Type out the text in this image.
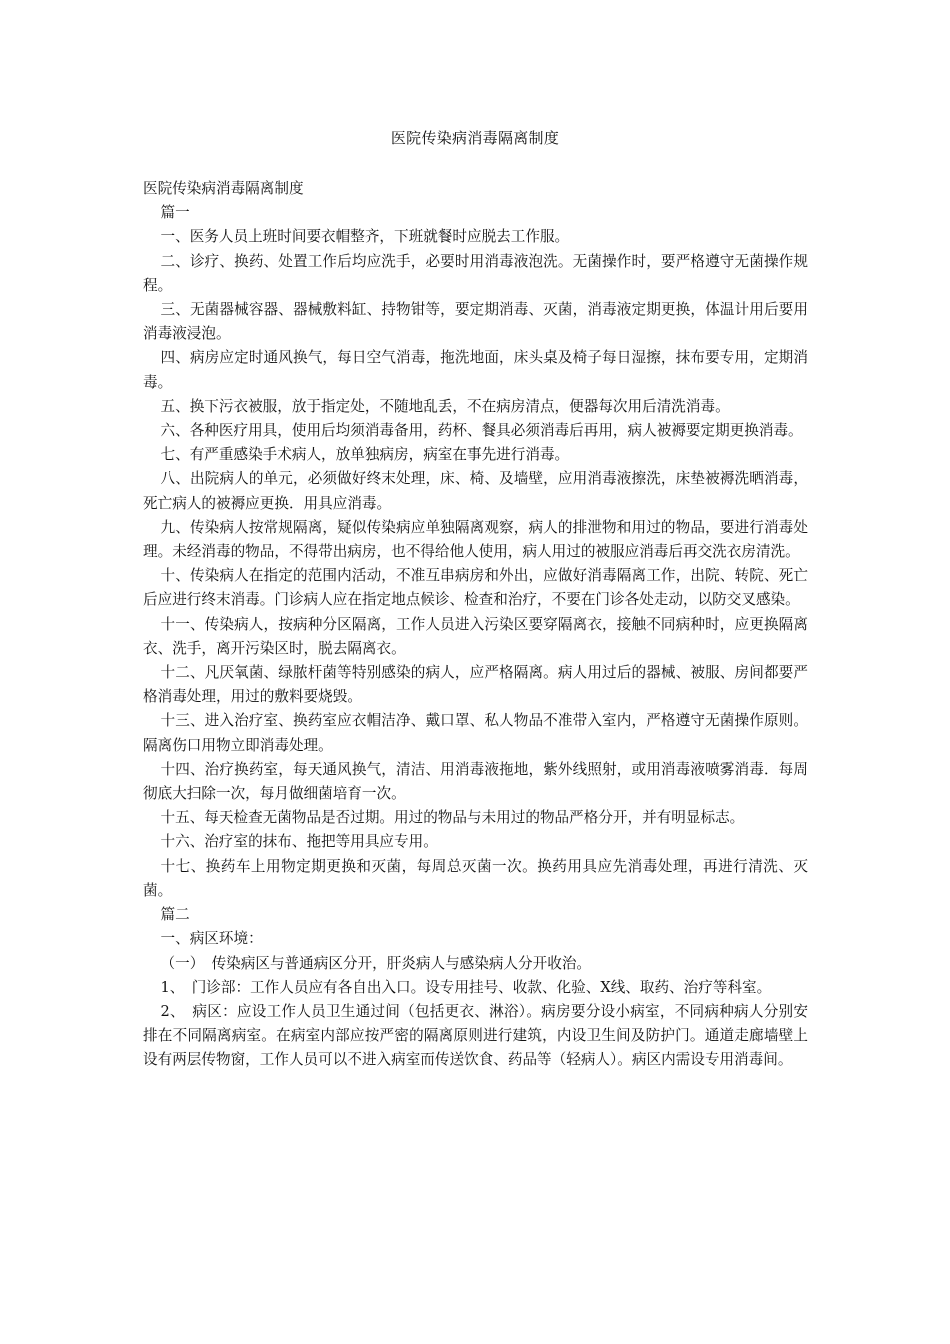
医院传染病消毒隔离制度

医院传染病消毒隔离制度

篇一

一、医务人员上班时间要衣帽整齐，下班就餐时应脱去工作服。

二、诊疗、换药、处置工作后均应洗手，必要时用消毒液泡洗。无菌操作时，要严格遵守无菌操作规程。

三、无菌器械容器、器械敷料缸、持物钳等，要定期消毒、灭菌，消毒液定期更换，体温计用后要用消毒液浸泡。

四、病房应定时通风换气，每日空气消毒，拖洗地面，床头桌及椅子每日湿擦，抹布要专用，定期消毒。

五、换下污衣被服，放于指定处，不随地乱丢，不在病房清点，便器每次用后清洗消毒。

六、各种医疗用具，使用后均须消毒备用，药杯、餐具必须消毒后再用，病人被褥要定期更换消毒。

七、有严重感染手术病人，放单独病房，病室在事先进行消毒。

八、出院病人的单元，必须做好终末处理，床、椅、及墙壁，应用消毒液擦洗，床垫被褥洗晒消毒，死亡病人的被褥应更换．用具应消毒。

九、传染病人按常规隔离，疑似传染病应单独隔离观察，病人的排泄物和用过的物品，要进行消毒处理。未经消毒的物品，不得带出病房，也不得给他人使用，病人用过的被服应消毒后再交洗衣房清洗。

十、传染病人在指定的范围内活动，不准互串病房和外出，应做好消毒隔离工作，出院、转院、死亡后应进行终末消毒。门诊病人应在指定地点候诊、检查和治疗，不要在门诊各处走动，以防交叉感染。

十一、传染病人，按病种分区隔离，工作人员进入污染区要穿隔离衣，接触不同病种时，应更换隔离衣、洗手，离开污染区时，脱去隔离衣。

十二、凡厌氧菌、绿脓杆菌等特别感染的病人，应严格隔离。病人用过后的器械、被服、房间都要严格消毒处理，用过的敷料要烧毁。

十三、进入治疗室、换药室应衣帽洁净、戴口罩、私人物品不准带入室内，严格遵守无菌操作原则。隔离伤口用物立即消毒处理。

十四、治疗换药室，每天通风换气，清洁、用消毒液拖地，紫外线照射，或用消毒液喷雾消毒．每周彻底大扫除一次，每月做细菌培育一次。

十五、每天检查无菌物品是否过期。用过的物品与未用过的物品严格分开，并有明显标志。

十六、治疗室的抹布、拖把等用具应专用。

十七、换药车上用物定期更换和灭菌，每周总灭菌一次。换药用具应先消毒处理，再进行清洗、灭菌。

篇二

一、病区环境：

（一）　传染病区与普通病区分开，肝炎病人与感染病人分开收治。

1、　门诊部：工作人员应有各自出入口。设专用挂号、收款、化验、X线、取药、治疗等科室。

2、　病区：应设工作人员卫生通过间（包括更衣、淋浴）。病房要分设小病室，不同病种病人分别安排在不同隔离病室。在病室内部应按严密的隔离原则进行建筑，内设卫生间及防护门。通道走廊墙壁上设有两层传物窗，工作人员可以不进入病室而传送饮食、药品等（轻病人）。病区内需设专用消毒间。
